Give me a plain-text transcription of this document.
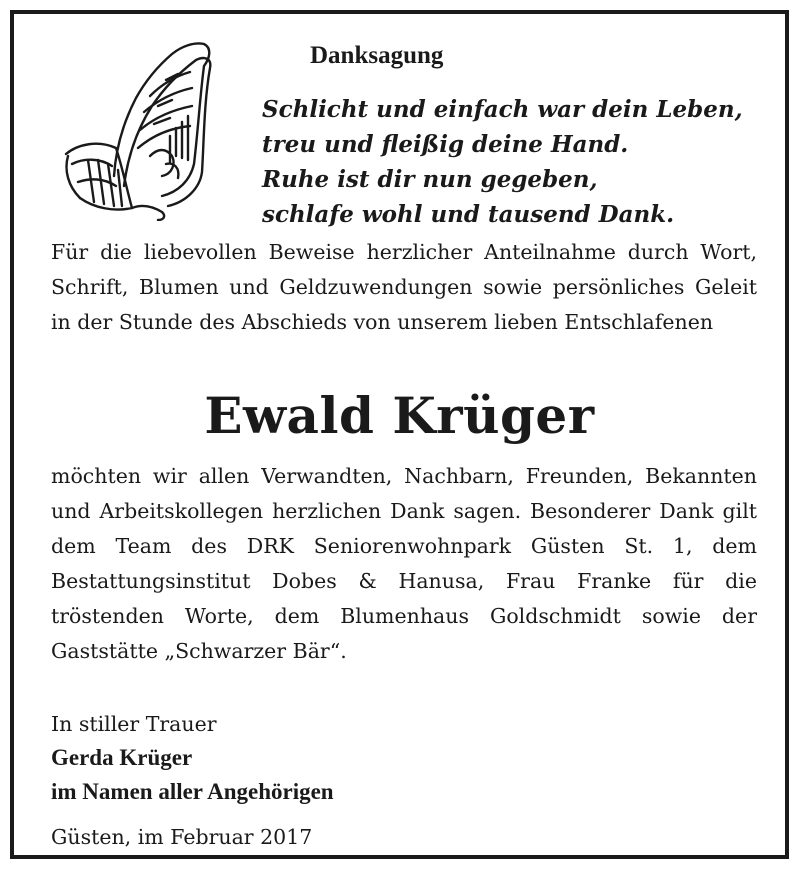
Danksagung
Schlicht und einfach war dein Leben,
treu und fleißig deine Hand.
Ruhe ist dir nun gegeben,
schlafe wohl und tausend Dank.
Für die liebevollen Beweise herzlicher Anteilnahme durch Wort, Schrift, Blumen und Geldzuwendungen sowie persönliches Geleit in der Stunde des Abschieds von unserem lieben Entschlafenen
Ewald Krüger
möchten wir allen Verwandten, Nachbarn, Freunden, Bekannten und Arbeitskollegen herzlichen Dank sagen. Besonderer Dank gilt dem Team des DRK Seniorenwohnpark Güsten St. 1, dem Bestattungsinstitut Dobes & Hanusa, Frau Franke für die tröstenden Worte, dem Blumenhaus Goldschmidt sowie der Gaststätte „Schwarzer Bär“.
In stiller Trauer
Gerda Krüger
im Namen aller Angehörigen
Güsten, im Februar 2017
